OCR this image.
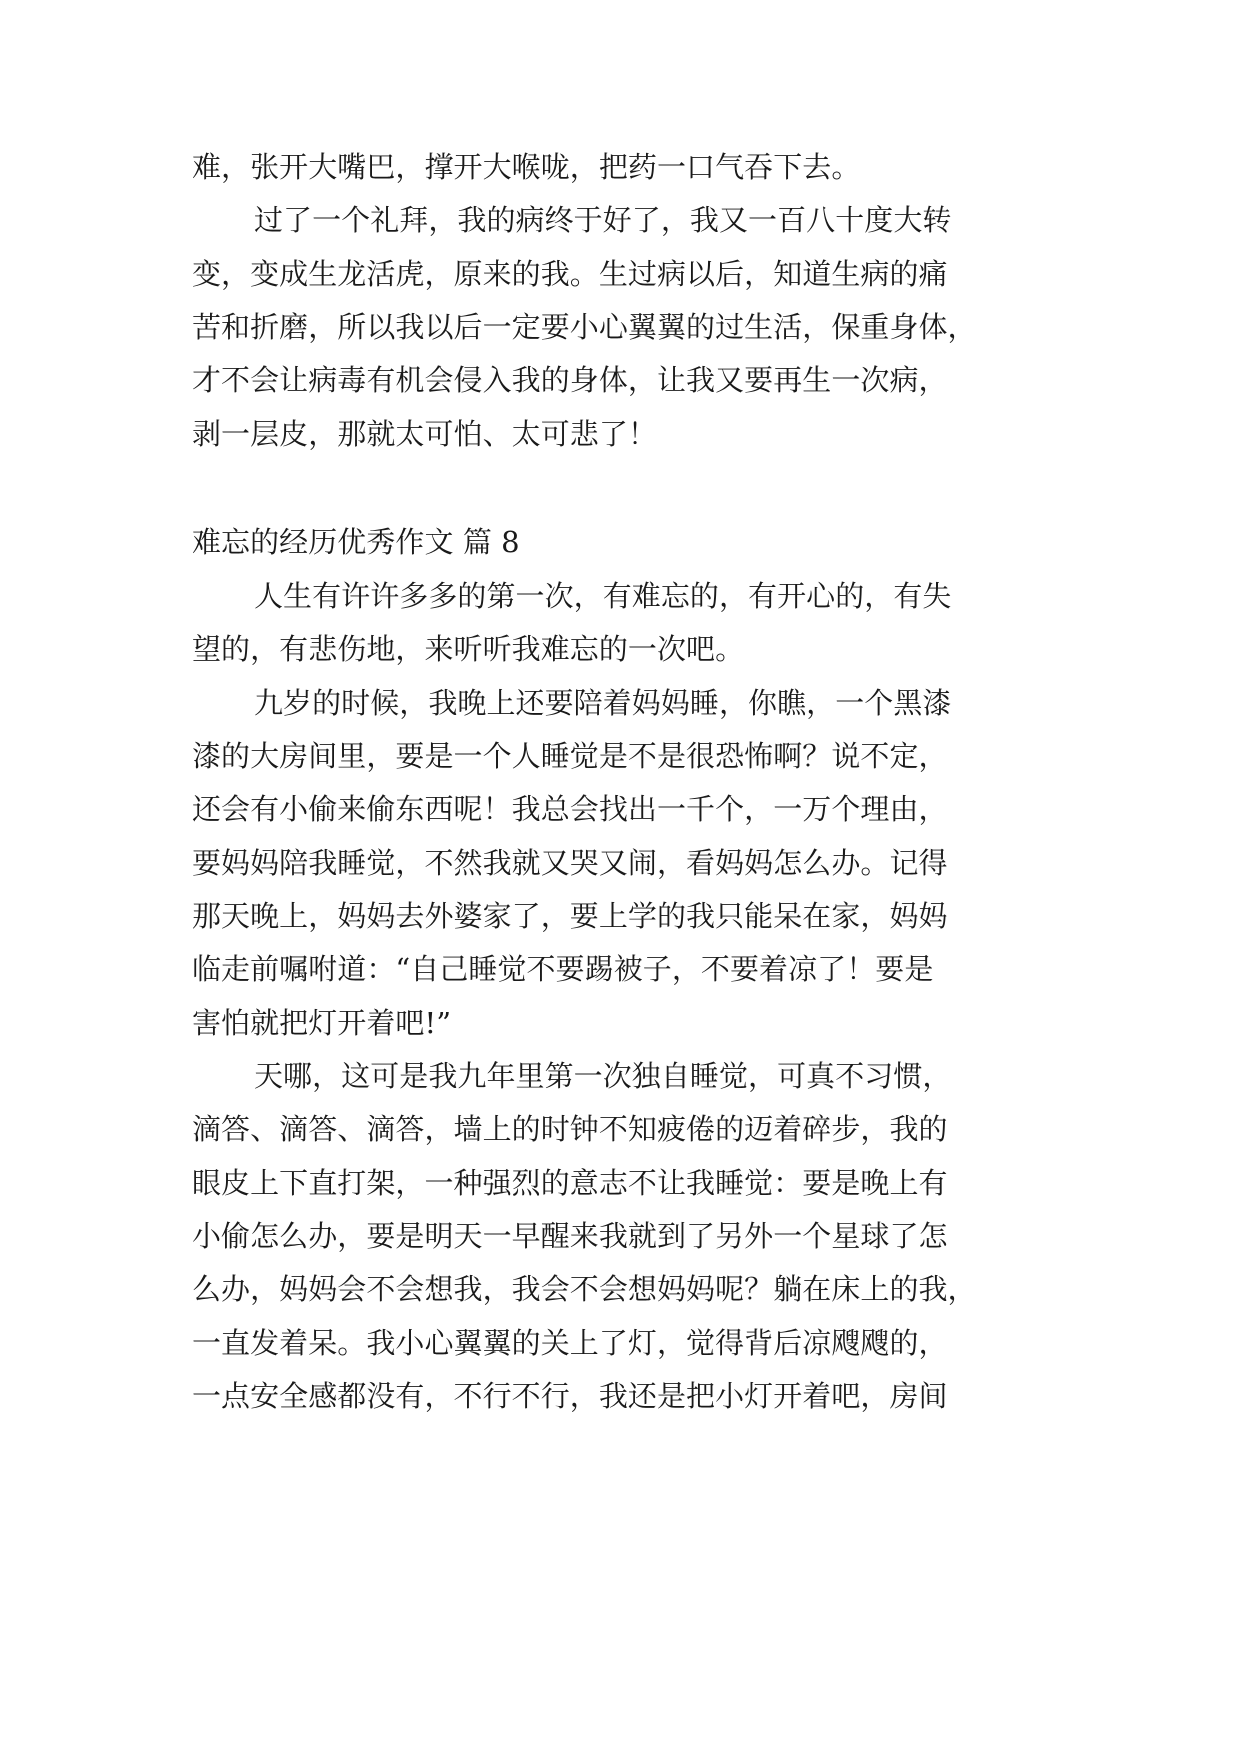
难，张开大嘴巴，撑开大喉咙，把药一口气吞下去。
过了一个礼拜，我的病终于好了，我又一百八十度大转
变，变成生龙活虎，原来的我。生过病以后，知道生病的痛
苦和折磨，所以我以后一定要小心翼翼的过生活，保重身体，
才不会让病毒有机会侵入我的身体，让我又要再生一次病，
剥一层皮，那就太可怕、太可悲了！
难忘的经历优秀作文 篇 8
人生有许许多多的第一次，有难忘的，有开心的，有失
望的，有悲伤地，来听听我难忘的一次吧。
九岁的时候，我晚上还要陪着妈妈睡，你瞧，一个黑漆
漆的大房间里，要是一个人睡觉是不是很恐怖啊？说不定，
还会有小偷来偷东西呢！我总会找出一千个，一万个理由，
要妈妈陪我睡觉，不然我就又哭又闹，看妈妈怎么办。记得
那天晚上，妈妈去外婆家了，要上学的我只能呆在家，妈妈
临走前嘱咐道：“自己睡觉不要踢被子，不要着凉了！要是
害怕就把灯开着吧!”
天哪，这可是我九年里第一次独自睡觉，可真不习惯，
滴答、滴答、滴答，墙上的时钟不知疲倦的迈着碎步，我的
眼皮上下直打架，一种强烈的意志不让我睡觉：要是晚上有
小偷怎么办，要是明天一早醒来我就到了另外一个星球了怎
么办，妈妈会不会想我，我会不会想妈妈呢？躺在床上的我，
一直发着呆。我小心翼翼的关上了灯，觉得背后凉飕飕的，
一点安全感都没有，不行不行，我还是把小灯开着吧，房间
